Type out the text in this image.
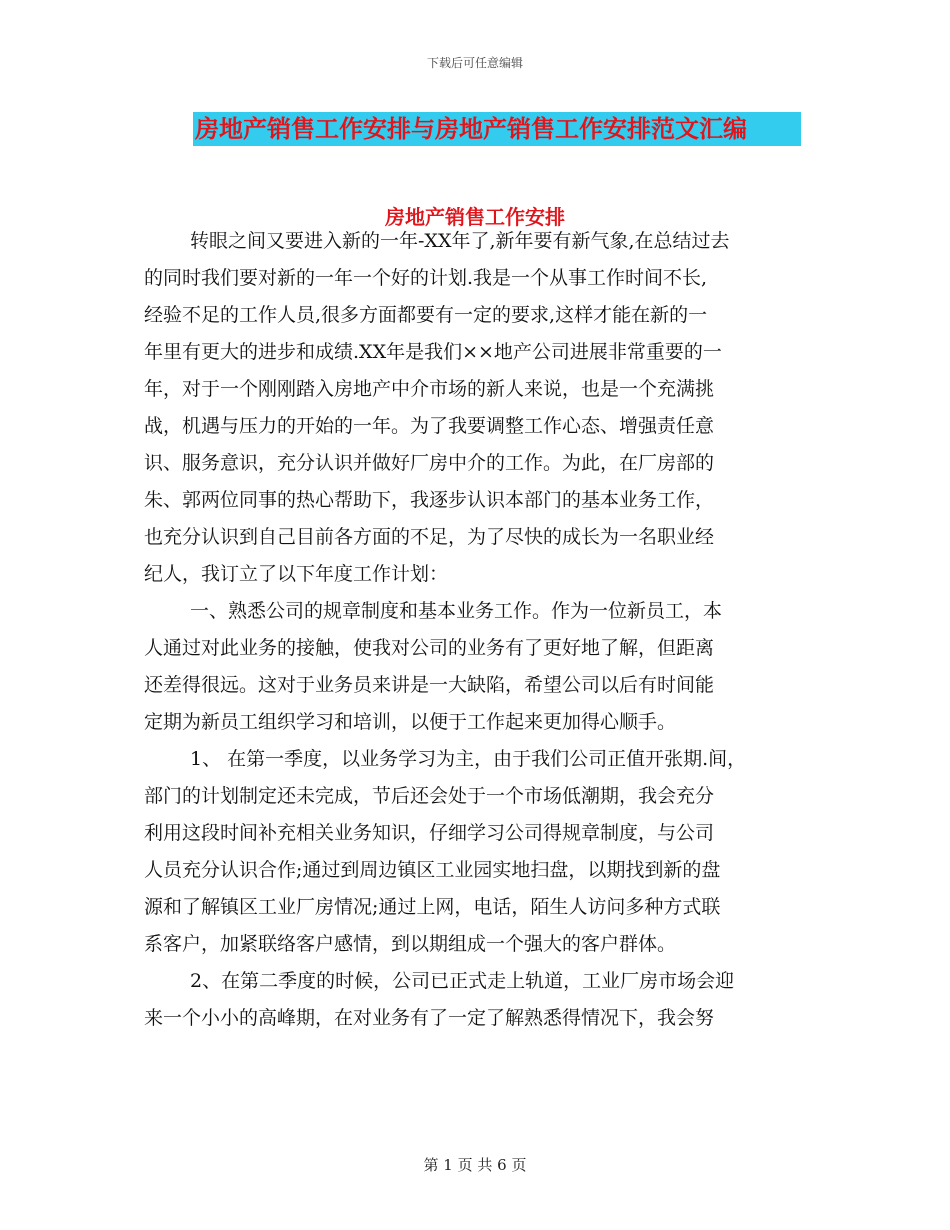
下载后可任意编辑
房地产销售工作安排与房地产销售工作安排范文汇编
房地产销售工作安排
转眼之间又要进入新的一年-XX年了,新年要有新气象,在总结过去
的同时我们要对新的一年一个好的计划.我是一个从事工作时间不长,
经验不足的工作人员,很多方面都要有一定的要求,这样才能在新的一
年里有更大的进步和成绩.XX年是我们××地产公司进展非常重要的一
年，对于一个刚刚踏入房地产中介市场的新人来说，也是一个充满挑
战，机遇与压力的开始的一年。为了我要调整工作心态、增强责任意
识、服务意识，充分认识并做好厂房中介的工作。为此，在厂房部的
朱、郭两位同事的热心帮助下，我逐步认识本部门的基本业务工作，
也充分认识到自己目前各方面的不足，为了尽快的成长为一名职业经
纪人，我订立了以下年度工作计划：
一、熟悉公司的规章制度和基本业务工作。作为一位新员工，本
人通过对此业务的接触，使我对公司的业务有了更好地了解，但距离
还差得很远。这对于业务员来讲是一大缺陷，希望公司以后有时间能
定期为新员工组织学习和培训，以便于工作起来更加得心顺手。
1、 在第一季度，以业务学习为主，由于我们公司正值开张期.间，
部门的计划制定还未完成，节后还会处于一个市场低潮期，我会充分
利用这段时间补充相关业务知识，仔细学习公司得规章制度，与公司
人员充分认识合作;通过到周边镇区工业园实地扫盘，以期找到新的盘
源和了解镇区工业厂房情况;通过上网，电话，陌生人访问多种方式联
系客户，加紧联络客户感情，到以期组成一个强大的客户群体。
2、在第二季度的时候，公司已正式走上轨道，工业厂房市场会迎
来一个小小的高峰期，在对业务有了一定了解熟悉得情况下，我会努
第 1 页 共 6 页
